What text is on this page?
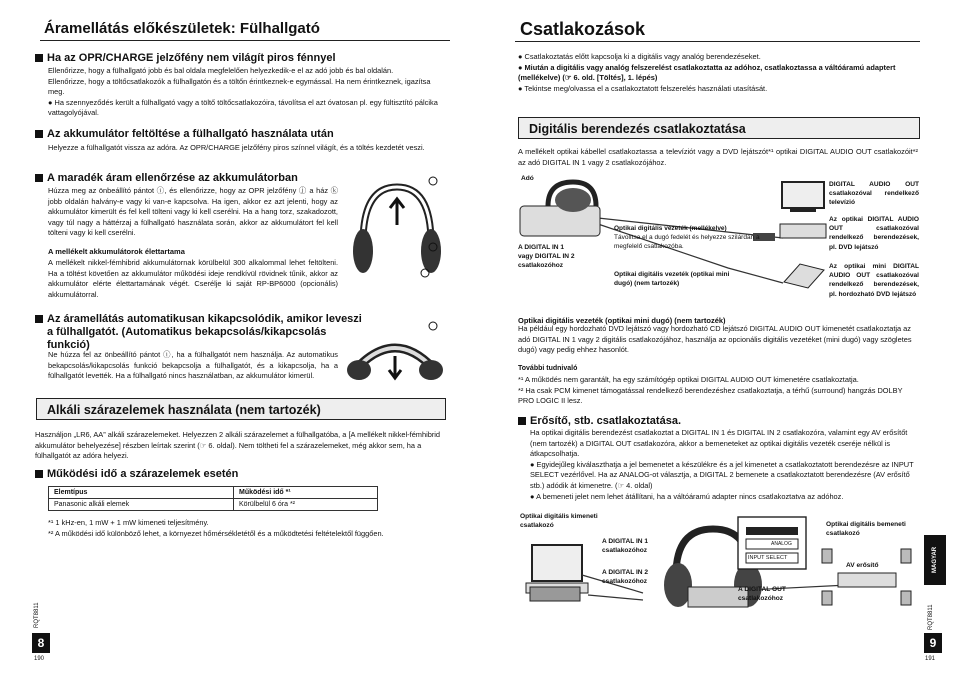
Áramellátás előkészületek: Fülhallgató
Ha az OPR/CHARGE jelzőfény nem világít piros fénnyel

Ellenőrizze, hogy a fülhallgató jobb és bal oldala megfelelően helyezkedik-e el az adó jobb és bal oldalán.

Ellenőrizze, hogy a töltőcsatlakozók a fülhallgatón és a töltőn érintkeznek-e egymással. Ha nem érintkeznek, igazítsa meg.

● Ha szennyeződés került a fülhallgató vagy a töltő töltőcsatlakozóira, távolítsa el azt óvatosan pl. egy fültisztító pálcika vattagolyójával.

Az akkumulátor feltöltése a fülhallgató használata után
Helyezze a fülhallgatót vissza az adóra. Az OPR/CHARGE jelzőfény piros színnel világít, és a töltés kezdetét veszi.
A maradék áram ellenőrzése az akkumulátorban
Húzza meg az önbeállító pántot ⓘ, és ellenőrizze, hogy az OPR jelzőfény ⓙ a ház ⓚ jobb oldalán halvány-e vagy ki van-e kapcsolva. Ha igen, akkor ez azt jelenti, hogy az akkumulátor kimerült és fel kell tölteni vagy ki kell cserélni. Ha a hang torz, szakadozott, vagy túl nagy a háttérzaj a fülhallgató használata során, akkor az akkumulátort fel kell tölteni vagy ki kell cserélni.
A mellékelt akkumulátorok élettartama
A mellékelt nikkel-fémhibrid akkumulátornak körülbelül 300 alkalommal lehet feltölteni. Ha a töltést követően az akkumulátor működési ideje rendkívül rövidnek tűnik, akkor az akkumulátor elérte élettartamának végét. Cserélje ki saját RP-BP6000 (opcionális) akkumulátorral.
Az áramellátás automatikusan kikapcsolódik, amikor leveszi a fülhallgatót. (Automatikus bekapcsolás/kikapcsolás funkció)
Ne húzza fel az önbeállító pántot ⓘ, ha a fülhallgatót nem használja. Az automatikus bekapcsolás/kikapcsolás funkció bekapcsolja a fülhallgatót, és a kikapcsolja, ha a fülhallgatót levették. Ha a fülhallgató nincs használatban, az akkumulátor kimerül.
Alkáli szárazelemek használata (nem tartozék)
Használjon „LR6, AA” alkáli szárazelemeket. Helyezzen 2 alkáli szárazelemet a fülhallgatóba, a [A mellékelt nikkel-fémhibrid akkumulátor behelyezése] részben leírtak szerint (☞ 6. oldal). Nem töltheti fel a szárazelemeket, még akkor sem, ha a fülhallgatót az adóra helyezi.
Működési idő a szárazelemek esetén
Elemtípus	Működési idő *¹
Panasonic alkáli elemek	Körülbelül 6 óra *²

*¹ 1 kHz-en, 1 mW + 1 mW kimeneti teljesítmény.

*² A működési idő különböző lehet, a környezet hőmérsékletétől és a működtetési feltételektől függően.

RQT8811
8
190
Csatlakozások

● Csatlakoztatás előtt kapcsolja ki a digitális vagy analóg berendezéseket.

● Miután a digitális vagy analóg felszerelést csatlakoztatta az adóhoz, csatlakoztassa a váltóáramú adaptert (mellékelve) (☞ 6. old. [Töltés], 1. lépés)

● Tekintse meg/olvassa el a csatlakoztatott felszerelés használati utasítását.

Digitális berendezés csatlakoztatása
A mellékelt optikai kábellel csatlakoztassa a televíziót vagy a DVD lejátszót*¹ optikai DIGITAL AUDIO OUT csatlakozóit*² az adó DIGITAL IN 1 vagy 2 csatlakozójához.
Adó
A DIGITAL IN 1 vagy DIGITAL IN 2 csatlakozóhoz
Optikai digitális vezeték (mellékelve)
Távolítsa el a dugó fedelét és helyezze szilárdan a megfelelő csatlakozóba.
Optikai digitális vezeték (optikai mini dugó) (nem tartozék)
DIGITAL AUDIO OUT csatlakozóval rendelkező televízió
Az optikai DIGITAL AUDIO OUT csatlakozóval rendelkező berendezések, pl. DVD lejátszó
Az optikai mini DIGITAL AUDIO OUT csatlakozóval rendelkező berendezések, pl. hordozható DVD lejátszó
Optikai digitális vezeték (optikai mini dugó) (nem tartozék)
Ha például egy hordozható DVD lejátszó vagy hordozható CD lejátszó DIGITAL AUDIO OUT kimenetét csatlakoztatja az adó DIGITAL IN 1 vagy 2 digitális csatlakozójához, használja az opcionális digitális vezetéket (mini dugó) vagy szögletes dugó) vagy pedig ehhez hasonlót.
További tudnivaló

*¹ A működés nem garantált, ha egy számítógép optikai DIGITAL AUDIO OUT kimenetére csatlakoztatja.

*² Ha csak PCM kimenet támogatással rendelkező berendezéshez csatlakoztatja, a térhű (surround) hangzás DOLBY PRO LOGIC II lesz.

Erősítő, stb. csatlakoztatása.

Ha optikai digitális berendezést csatlakoztat a DIGITAL IN 1 és DIGITAL IN 2 csatlakozóra, valamint egy AV erősítőt (nem tartozék) a DIGITAL OUT csatlakozóra, akkor a bemeneteket az optikai digitális vezeték cseréje nélkül is átkapcsolhatja.

● Egyidejűleg kiválaszthatja a jel bemenetet a készülékre és a jel kimenetet a csatlakoztatott berendezésre az INPUT SELECT vezérlővel. Ha az ANALOG-ot választja, a DIGITAL 2 bemenete a csatlakoztatott berendezésre (AV erősítő stb.) adódik át kimenetre. (☞ 4. oldal)

● A bemeneti jelet nem lehet átállítani, ha a váltóáramú adapter nincs csatlakoztatva az adóhoz.

Optikai digitális kimeneti csatlakozó
A DIGITAL IN 1 csatlakozóhoz
A DIGITAL IN 2 csatlakozóhoz
A DIGITAL OUT csatlakozóhoz
Optikai digitális bemeneti csatlakozó
AV erősítő
DIGITAL
INPUT SELECT
ANALOG
MAGYAR
RQT8811
9
191
